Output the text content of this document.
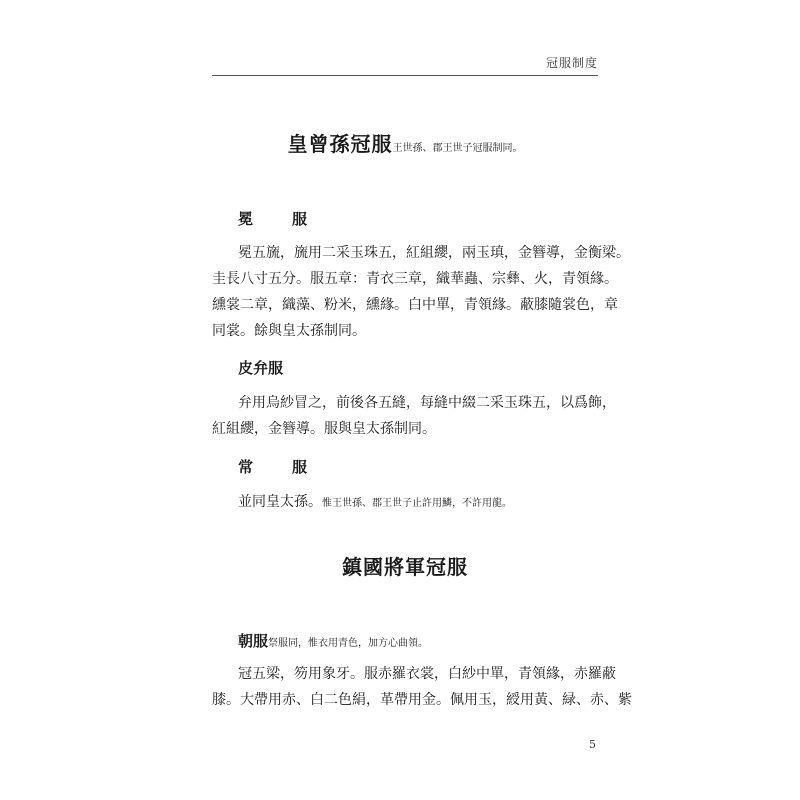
冠服制度
皇曾孫冠服王世孫、郡王世子冠服制同。
冕　服
冕五旒，旒用二采玉珠五，紅組纓，兩玉瑱，金簪導，金衡梁。
圭長八寸五分。服五章：青衣三章，織華蟲、宗彝、火，青領緣。
纁裳二章，織藻、粉米，纁緣。白中單，青領緣。蔽膝隨裳色，章
同裳。餘與皇太孫制同。
皮弁服
弁用烏紗冒之，前後各五縫，每縫中綴二采玉珠五，以爲飾，
紅組纓，金簪導。服與皇太孫制同。
常　服
並同皇太孫。惟王世孫、郡王世子止許用鱗，不許用龍。
鎮國將軍冠服
朝服祭服同，惟衣用青色，加方心曲領。
冠五梁，笏用象牙。服赤羅衣裳，白紗中單，青領緣，赤羅蔽
膝。大帶用赤、白二色絹，革帶用金。佩用玉，綬用黃、緑、赤、紫
5
